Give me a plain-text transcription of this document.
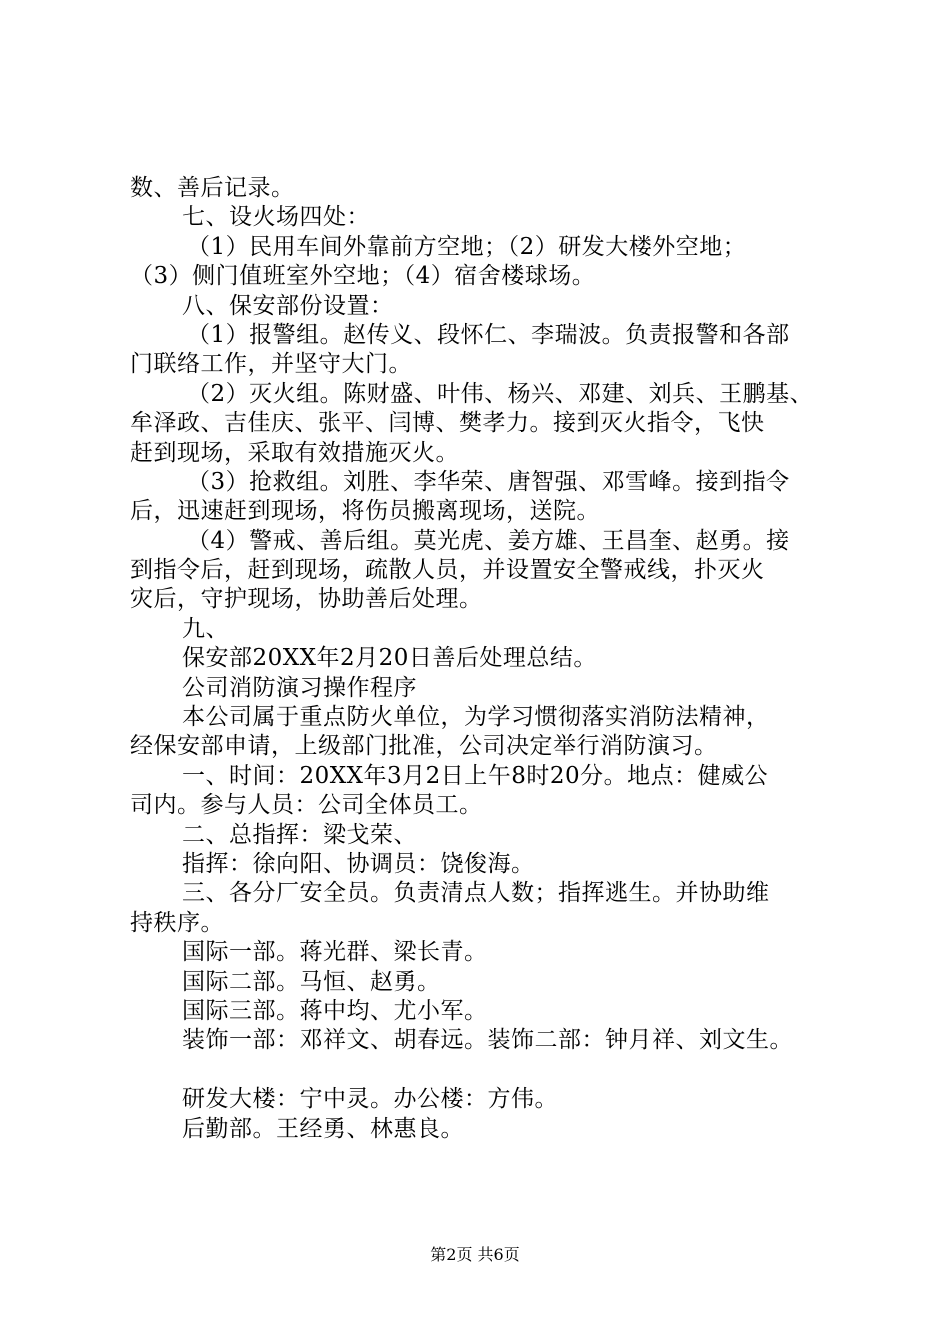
数、善后记录。
七、设火场四处：
（1）民用车间外靠前方空地；（2）研发大楼外空地；
（3）侧门值班室外空地；（4）宿舍楼球场。
八、保安部份设置：
（1）报警组。赵传义、段怀仁、李瑞波。负责报警和各部
门联络工作，并坚守大门。
（2）灭火组。陈财盛、叶伟、杨兴、邓建、刘兵、王鹏基、
牟泽政、吉佳庆、张平、闫博、樊孝力。接到灭火指令，飞快
赶到现场，采取有效措施灭火。
（3）抢救组。刘胜、李华荣、唐智强、邓雪峰。接到指令
后，迅速赶到现场，将伤员搬离现场，送院。
（4）警戒、善后组。莫光虎、姜方雄、王昌奎、赵勇。接
到指令后，赶到现场，疏散人员，并设置安全警戒线，扑灭火
灾后，守护现场，协助善后处理。
九、
保安部20XX年2月20日善后处理总结。
公司消防演习操作程序
本公司属于重点防火单位，为学习惯彻落实消防法精神，
经保安部申请，上级部门批准，公司决定举行消防演习。
一、时间：20XX年3月2日上午8时20分。地点：健威公
司内。参与人员：公司全体员工。
二、总指挥：梁戈荣、
指挥：徐向阳、协调员：饶俊海。
三、各分厂安全员。负责清点人数；指挥逃生。并协助维
持秩序。
国际一部。蒋光群、梁长青。
国际二部。马恒、赵勇。
国际三部。蒋中均、尤小军。
装饰一部：邓祥文、胡春远。装饰二部：钟月祥、刘文生。
研发大楼：宁中灵。办公楼：方伟。
后勤部。王经勇、林惠良。
第2页 共6页
